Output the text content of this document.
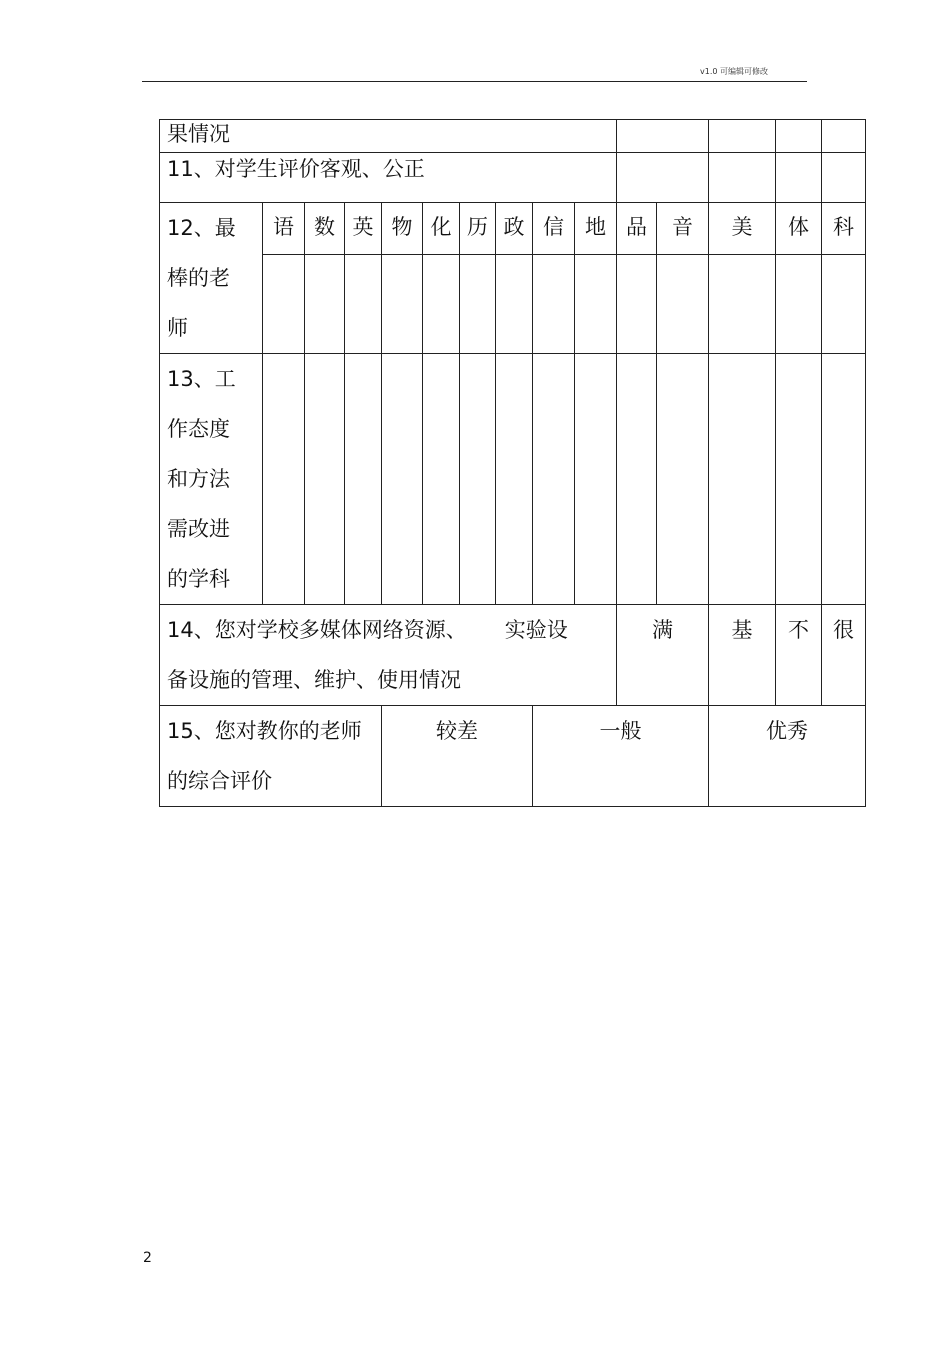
v1.0 可编辑可修改
果情况														
11、对学生评价客观、公正														

12、最
棒的老
师	语	数	英	物	化	历	政	信	地	品	音	美	体	科

13、工
作态度
和方法
需改进
的学科														

14、您对学校多媒体网络资源、 实验设
备设施的管理、维护、使用情况										满		基	不	很

15、您对教你的老师
的综合评价				较差				一般				优秀		
2
